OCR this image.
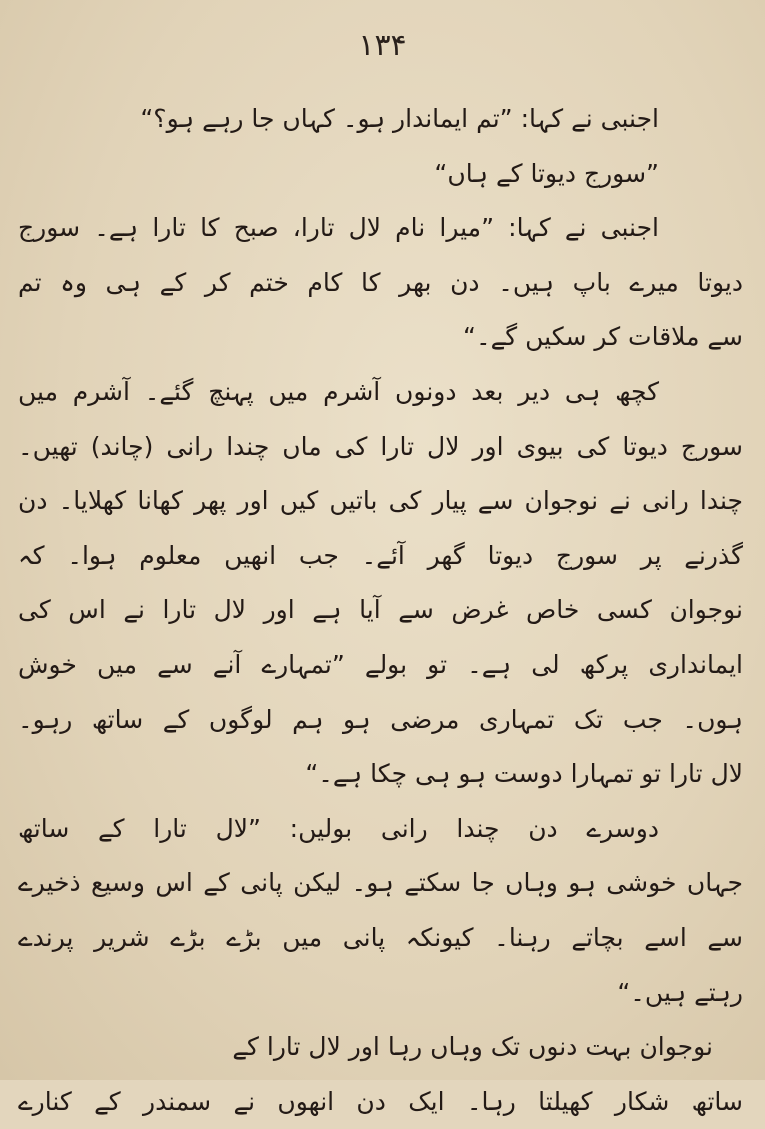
۱۳۴
اجنبی نے کہا: ”تم ایماندار ہو۔ کہاں جا رہے ہو؟“
”سورج دیوتا کے ہاں“
اجنبی نے کہا: ”میرا نام لال تارا، صبح کا تارا ہے۔ سورج
دیوتا میرے باپ ہیں۔ دن بھر کا کام ختم کر کے ہی وہ تم
سے ملاقات کر سکیں گے۔“
کچھ ہی دیر بعد دونوں آشرم میں پہنچ گئے۔ آشرم میں
سورج دیوتا کی بیوی اور لال تارا کی ماں چندا رانی (چاند) تھیں۔
چندا رانی نے نوجوان سے پیار کی باتیں کیں اور پھر کھانا کھلایا۔ دن
گذرنے پر سورج دیوتا گھر آئے۔ جب انھیں معلوم ہوا۔ کہ
نوجوان کسی خاص غرض سے آیا ہے اور لال تارا نے اس کی
ایمانداری پرکھ لی ہے۔ تو بولے ”تمہارے آنے سے میں خوش
ہوں۔ جب تک تمہاری مرضی ہو ہم لوگوں کے ساتھ رہو۔
لال تارا تو تمہارا دوست ہو ہی چکا ہے۔“
دوسرے دن چندا رانی بولیں: ”لال تارا کے ساتھ
جہاں خوشی ہو وہاں جا سکتے ہو۔ لیکن پانی کے اس وسیع ذخیرے
سے اسے بچاتے رہنا۔ کیونکہ پانی میں بڑے بڑے شریر پرندے
رہتے ہیں۔“
نوجوان بہت دنوں تک وہاں رہا اور لال تارا کے
ساتھ شکار کھیلتا رہا۔ ایک دن انھوں نے سمندر کے کنارے
